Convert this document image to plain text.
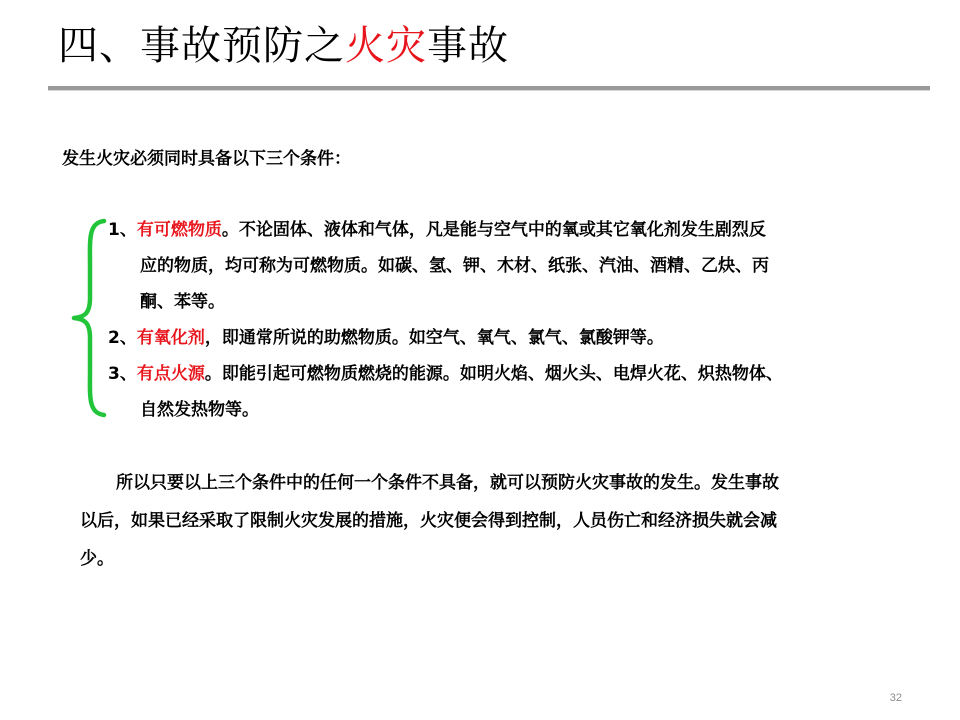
四、事故预防之火灾事故

发生火灾必须同时具备以下三个条件：

1、有可燃物质。不论固体、液体和气体，凡是能与空气中的氧或其它氧化剂发生剧烈反
应的物质，均可称为可燃物质。如碳、氢、钾、木材、纸张、汽油、酒精、乙炔、丙
酮、苯等。
2、有氧化剂，即通常所说的助燃物质。如空气、氧气、氯气、氯酸钾等。
3、有点火源。即能引起可燃物质燃烧的能源。如明火焰、烟火头、电焊火花、炽热物体、
自然发热物等。

所以只要以上三个条件中的任何一个条件不具备，就可以预防火灾事故的发生。发生事故
以后，如果已经采取了限制火灾发展的措施，火灾便会得到控制，人员伤亡和经济损失就会减
少。

32
